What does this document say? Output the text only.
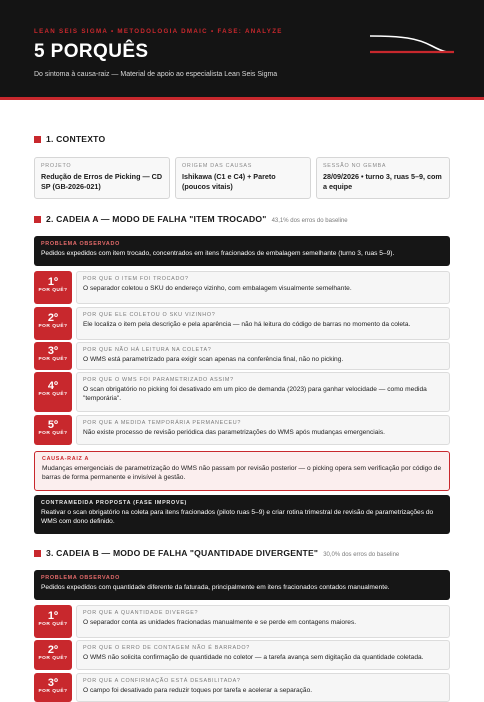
LEAN SEIS SIGMA • METODOLOGIA DMAIC • FASE: ANALYZE
5 PORQUÊS
Do sintoma à causa-raiz — Material de apoio ao especialista Lean Seis Sigma
1. CONTEXTO
PROJETO
Redução de Erros de Picking — CD SP (GB-2026-021)
ORIGEM DAS CAUSAS
Ishikawa (C1 e C4) + Pareto (poucos vitais)
SESSÃO NO GEMBA
28/09/2026 • turno 3, ruas 5–9, com a equipe
2. CADEIA A — MODO DE FALHA "ITEM TROCADO" 43,1% dos erros do baseline
PROBLEMA OBSERVADO
Pedidos expedidos com item trocado, concentrados em itens fracionados de embalagem semelhante (turno 3, ruas 5–9).
1º
POR QUÊ?
POR QUE O ITEM FOI TROCADO?
O separador coletou o SKU do endereço vizinho, com embalagem visualmente semelhante.
2º
POR QUÊ?
POR QUE ELE COLETOU O SKU VIZINHO?
Ele localiza o item pela descrição e pela aparência — não há leitura do código de barras no momento da coleta.
3º
POR QUÊ?
POR QUE NÃO HÁ LEITURA NA COLETA?
O WMS está parametrizado para exigir scan apenas na conferência final, não no picking.
4º
POR QUÊ?
POR QUE O WMS FOI PARAMETRIZADO ASSIM?
O scan obrigatório no picking foi desativado em um pico de demanda (2023) para ganhar velocidade — como medida "temporária".
5º
POR QUÊ?
POR QUE A MEDIDA TEMPORÁRIA PERMANECEU?
Não existe processo de revisão periódica das parametrizações do WMS após mudanças emergenciais.
CAUSA-RAIZ A
Mudanças emergenciais de parametrização do WMS não passam por revisão posterior — o picking opera sem verificação por código de barras de forma permanente e invisível à gestão.
CONTRAMEDIDA PROPOSTA (FASE IMPROVE)
Reativar o scan obrigatório na coleta para itens fracionados (piloto ruas 5–9) e criar rotina trimestral de revisão de parametrizações do WMS com dono definido.
3. CADEIA B — MODO DE FALHA "QUANTIDADE DIVERGENTE" 30,0% dos erros do baseline
PROBLEMA OBSERVADO
Pedidos expedidos com quantidade diferente da faturada, principalmente em itens fracionados contados manualmente.
1º
POR QUÊ?
POR QUE A QUANTIDADE DIVERGE?
O separador conta as unidades fracionadas manualmente e se perde em contagens maiores.
2º
POR QUÊ?
POR QUE O ERRO DE CONTAGEM NÃO É BARRADO?
O WMS não solicita confirmação de quantidade no coletor — a tarefa avança sem digitação da quantidade coletada.
3º
POR QUÊ?
POR QUE A CONFIRMAÇÃO ESTÁ DESABILITADA?
O campo foi desativado para reduzir toques por tarefa e acelerar a separação.
